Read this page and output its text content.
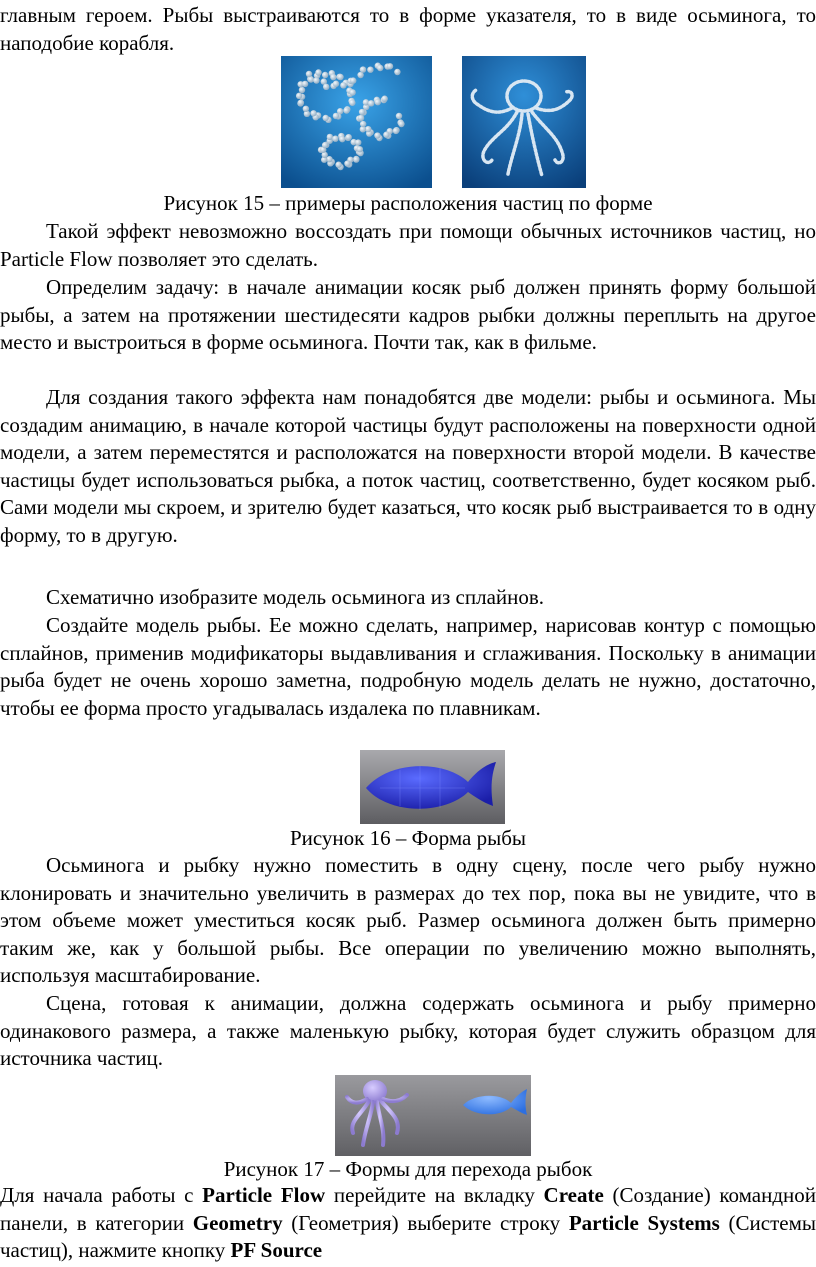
главным героем. Рыбы выстраиваются то в форме указателя, то в виде осьминога, то наподобие корабля.

Рисунок 15 – примеры расположения частиц по форме

Такой эффект невозможно воссоздать при помощи обычных источников частиц, но Particle Flow позволяет это сделать.

Определим задачу: в начале анимации косяк рыб должен принять форму большой рыбы, а затем на протяжении шестидесяти кадров рыбки должны переплыть на другое место и выстроиться в форме осьминога. Почти так, как в фильме.

Для создания такого эффекта нам понадобятся две модели: рыбы и осьминога. Мы создадим анимацию, в начале которой частицы будут расположены на поверхности одной модели, а затем переместятся и расположатся на поверхности второй модели. В качестве частицы будет использоваться рыбка, а поток частиц, соответственно, будет косяком рыб. Сами модели мы скроем, и зрителю будет казаться, что косяк рыб выстраивается то в одну форму, то в другую.

Схематично изобразите модель осьминога из сплайнов.

Создайте модель рыбы. Ее можно сделать, например, нарисовав контур с помощью сплайнов, применив модификаторы выдавливания и сглаживания. Поскольку в анимации рыба будет не очень хорошо заметна, подробную модель делать не нужно, достаточно, чтобы ее форма просто угадывалась издалека по плавникам.

Рисунок 16 – Форма рыбы

Осьминога и рыбку нужно поместить в одну сцену, после чего рыбу нужно клонировать и значительно увеличить в размерах до тех пор, пока вы не увидите, что в этом объеме может уместиться косяк рыб. Размер осьминога должен быть примерно таким же, как у большой рыбы. Все операции по увеличению можно выполнять, используя масштабирование.

Сцена, готовая к анимации, должна содержать осьминога и рыбу примерно одинакового размера, а также маленькую рыбку, которая будет служить образцом для источника частиц.

Рисунок 17 – Формы для перехода рыбок

Для начала работы с Particle Flow перейдите на вкладку Create (Создание) командной панели, в категории Geometry (Геометрия) выберите строку Particle Systems (Системы частиц), нажмите кнопку PF Source
